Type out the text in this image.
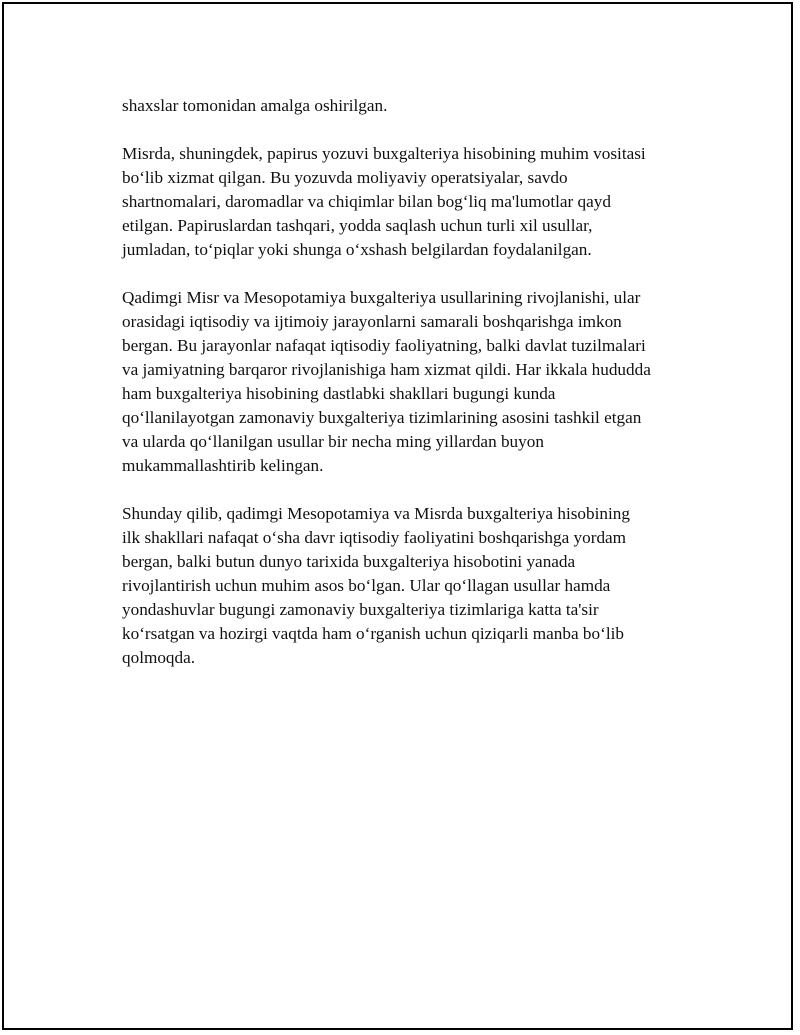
shaxslar tomonidan amalga oshirilgan.

Misrda, shuningdek, papirus yozuvi buxgalteriya hisobining muhim vositasi
bo‘lib xizmat qilgan. Bu yozuvda moliyaviy operatsiyalar, savdo
shartnomalari, daromadlar va chiqimlar bilan bog‘liq ma'lumotlar qayd
etilgan. Papiruslardan tashqari, yodda saqlash uchun turli xil usullar,
jumladan, to‘piqlar yoki shunga o‘xshash belgilardan foydalanilgan.

Qadimgi Misr va Mesopotamiya buxgalteriya usullarining rivojlanishi, ular
orasidagi iqtisodiy va ijtimoiy jarayonlarni samarali boshqarishga imkon
bergan. Bu jarayonlar nafaqat iqtisodiy faoliyatning, balki davlat tuzilmalari
va jamiyatning barqaror rivojlanishiga ham xizmat qildi. Har ikkala hududda
ham buxgalteriya hisobining dastlabki shakllari bugungi kunda
qo‘llanilayotgan zamonaviy buxgalteriya tizimlarining asosini tashkil etgan
va ularda qo‘llanilgan usullar bir necha ming yillardan buyon
mukammallashtirib kelingan.

Shunday qilib, qadimgi Mesopotamiya va Misrda buxgalteriya hisobining
ilk shakllari nafaqat o‘sha davr iqtisodiy faoliyatini boshqarishga yordam
bergan, balki butun dunyo tarixida buxgalteriya hisobotini yanada
rivojlantirish uchun muhim asos bo‘lgan. Ular qo‘llagan usullar hamda
yondashuvlar bugungi zamonaviy buxgalteriya tizimlariga katta ta'sir
ko‘rsatgan va hozirgi vaqtda ham o‘rganish uchun qiziqarli manba bo‘lib
qolmoqda.
